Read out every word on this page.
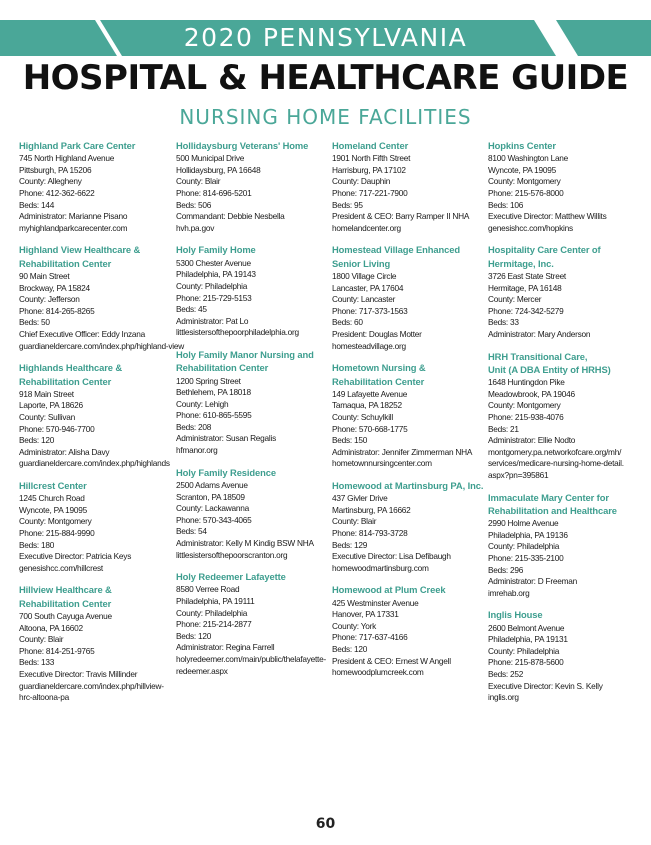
2020 PENNSYLVANIA
HOSPITAL & HEALTHCARE GUIDE
NURSING HOME FACILITIES
Highland Park Care Center
745 North Highland Avenue
Pittsburgh, PA 15206
County: Allegheny
Phone: 412-362-6622
Beds: 144
Administrator: Marianne Pisano
myhighlandparkcarecenter.com
Highland View Healthcare &
Rehabilitation Center
90 Main Street
Brockway, PA 15824
County: Jefferson
Phone: 814-265-8265
Beds: 50
Chief Executive Officer: Eddy Inzana
guardianeldercare.com/index.php/highland-view
Highlands Healthcare &
Rehabilitation Center
918 Main Street
Laporte, PA 18626
County: Sullivan
Phone: 570-946-7700
Beds: 120
Administrator: Alisha Davy
guardianeldercare.com/index.php/highlands
Hillcrest Center
1245 Church Road
Wyncote, PA 19095
County: Montgomery
Phone: 215-884-9990
Beds: 180
Executive Director: Patricia Keys
genesishcc.com/hillcrest
Hillview Healthcare &
Rehabilitation Center
700 South Cayuga Avenue
Altoona, PA 16602
County: Blair
Phone: 814-251-9765
Beds: 133
Executive Director: Travis Millinder
guardianeldercare.com/index.php/hillview-
hrc-altoona-pa
Hollidaysburg Veterans' Home
500 Municipal Drive
Hollidaysburg, PA 16648
County: Blair
Phone: 814-696-5201
Beds: 506
Commandant: Debbie Nesbella
hvh.pa.gov
Holy Family Home
5300 Chester Avenue
Philadelphia, PA 19143
County: Philadelphia
Phone: 215-729-5153
Beds: 45
Administrator: Pat Lo
littlesistersofthepoorphiladelphia.org
Holy Family Manor Nursing and
Rehabilitation Center
1200 Spring Street
Bethlehem, PA 18018
County: Lehigh
Phone: 610-865-5595
Beds: 208
Administrator: Susan Regalis
hfmanor.org
Holy Family Residence
2500 Adams Avenue
Scranton, PA 18509
County: Lackawanna
Phone: 570-343-4065
Beds: 54
Administrator: Kelly M Kindig BSW NHA
littlesistersofthepoorscranton.org
Holy Redeemer Lafayette
8580 Verree Road
Philadelphia, PA 19111
County: Philadelphia
Phone: 215-214-2877
Beds: 120
Administrator: Regina Farrell
holyredeemer.com/main/public/thelafayette-
redeemer.aspx
Homeland Center
1901 North Fifth Street
Harrisburg, PA 17102
County: Dauphin
Phone: 717-221-7900
Beds: 95
President & CEO: Barry Ramper II NHA
homelandcenter.org
Homestead Village Enhanced
Senior Living
1800 Village Circle
Lancaster, PA 17604
County: Lancaster
Phone: 717-373-1563
Beds: 60
President: Douglas Motter
homesteadvillage.org
Hometown Nursing &
Rehabilitation Center
149 Lafayette Avenue
Tamaqua, PA 18252
County: Schuylkill
Phone: 570-668-1775
Beds: 150
Administrator: Jennifer Zimmerman NHA
hometownnursingcenter.com
Homewood at Martinsburg PA, Inc.
437 Givler Drive
Martinsburg, PA 16662
County: Blair
Phone: 814-793-3728
Beds: 129
Executive Director: Lisa Defibaugh
homewoodmartinsburg.com
Homewood at Plum Creek
425 Westminster Avenue
Hanover, PA 17331
County: York
Phone: 717-637-4166
Beds: 120
President & CEO: Ernest W Angell
homewoodplumcreek.com
Hopkins Center
8100 Washington Lane
Wyncote, PA 19095
County: Montgomery
Phone: 215-576-8000
Beds: 106
Executive Director: Matthew Willits
genesishcc.com/hopkins
Hospitality Care Center of
Hermitage, Inc.
3726 East State Street
Hermitage, PA 16148
County: Mercer
Phone: 724-342-5279
Beds: 33
Administrator: Mary Anderson
HRH Transitional Care,
Unit (A DBA Entity of HRHS)
1648 Huntingdon Pike
Meadowbrook, PA 19046
County: Montgomery
Phone: 215-938-4076
Beds: 21
Administrator: Ellie Nodto
montgomery.pa.networkofcare.org/mh/
services/medicare-nursing-home-detail.
aspx?pn=395861
Immaculate Mary Center for
Rehabilitation and Healthcare
2990 Holme Avenue
Philadelphia, PA 19136
County: Philadelphia
Phone: 215-335-2100
Beds: 296
Administrator: D Freeman
imrehab.org
Inglis House
2600 Belmont Avenue
Philadelphia, PA 19131
County: Philadelphia
Phone: 215-878-5600
Beds: 252
Executive Director: Kevin S. Kelly
inglis.org
60
